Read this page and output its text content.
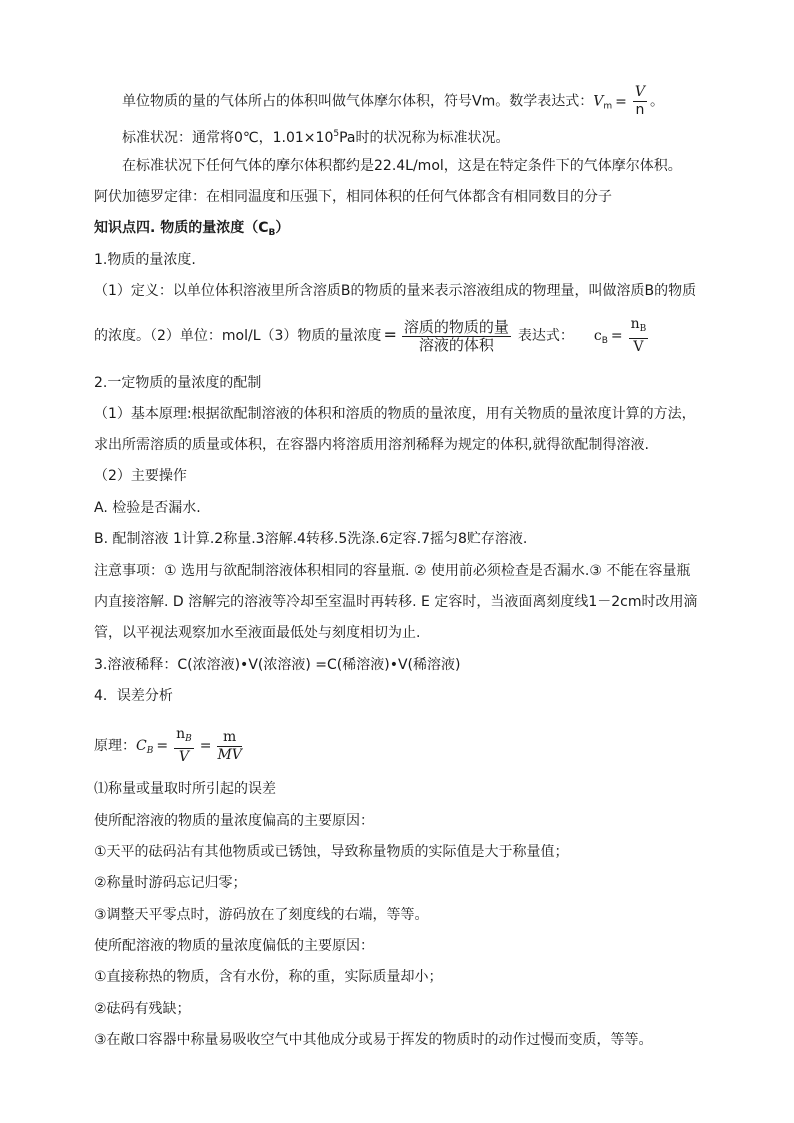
单位物质的量的气体所占的体积叫做气体摩尔体积，符号Vm。数学表达式：$V_m = \frac{V}{n}$ 。
标准状况：通常将0℃，$1.01\times 10^5Pa$时的状况称为标准状况。
在标准状况下任何气体的摩尔体积都约是22.4L/mol，这是在特定条件下的气体摩尔体积。
阿伏加德罗定律：在相同温度和压强下，相同体积的任何气体都含有相同数目的分子
知识点四. 物质的量浓度$(C_B)$
1.物质的量浓度.
（1）定义：以单位体积溶液里所含溶质B的物质的量来表示溶液组成的物理量，叫做溶质B的物质
的浓度。（2）单位：mol/L（3）物质的量浓度 = $\frac{\text{溶质的物质的量}}{\text{溶液的体积}}$ 表达式： $c_B = \frac{n_B}{V}$
2.一定物质的量浓度的配制
（1）基本原理:根据欲配制溶液的体积和溶质的物质的量浓度，用有关物质的量浓度计算的方法，
求出所需溶质的质量或体积，在容器内将溶质用溶剂稀释为规定的体积,就得欲配制得溶液.
（2）主要操作
A. 检验是否漏水.
B. 配制溶液 1计算.2称量.3溶解.4转移.5洗涤.6定容.7摇匀8贮存溶液.
注意事项：① 选用与欲配制溶液体积相同的容量瓶. ② 使用前必须检查是否漏水.③ 不能在容量瓶
内直接溶解. D 溶解完的溶液等冷却至室温时再转移. E 定容时，当液面离刻度线1－2cm时改用滴
管，以平视法观察加水至液面最低处与刻度相切为止.
3.溶液稀释：C(浓溶液)•V(浓溶液) =C(稀溶液)•V(稀溶液)
4．误差分析
原理：$C_B = \frac{n_B}{V} = \frac{m}{MV}$
⑴称量或量取时所引起的误差
使所配溶液的物质的量浓度偏高的主要原因：
①天平的砝码沾有其他物质或已锈蚀，导致称量物质的实际值是大于称量值；
②称量时游码忘记归零；
③调整天平零点时，游码放在了刻度线的右端，等等。
使所配溶液的物质的量浓度偏低的主要原因：
①直接称热的物质，含有水份，称的重，实际质量却小；
②砝码有残缺；
③在敞口容器中称量易吸收空气中其他成分或易于挥发的物质时的动作过慢而变质，等等。
